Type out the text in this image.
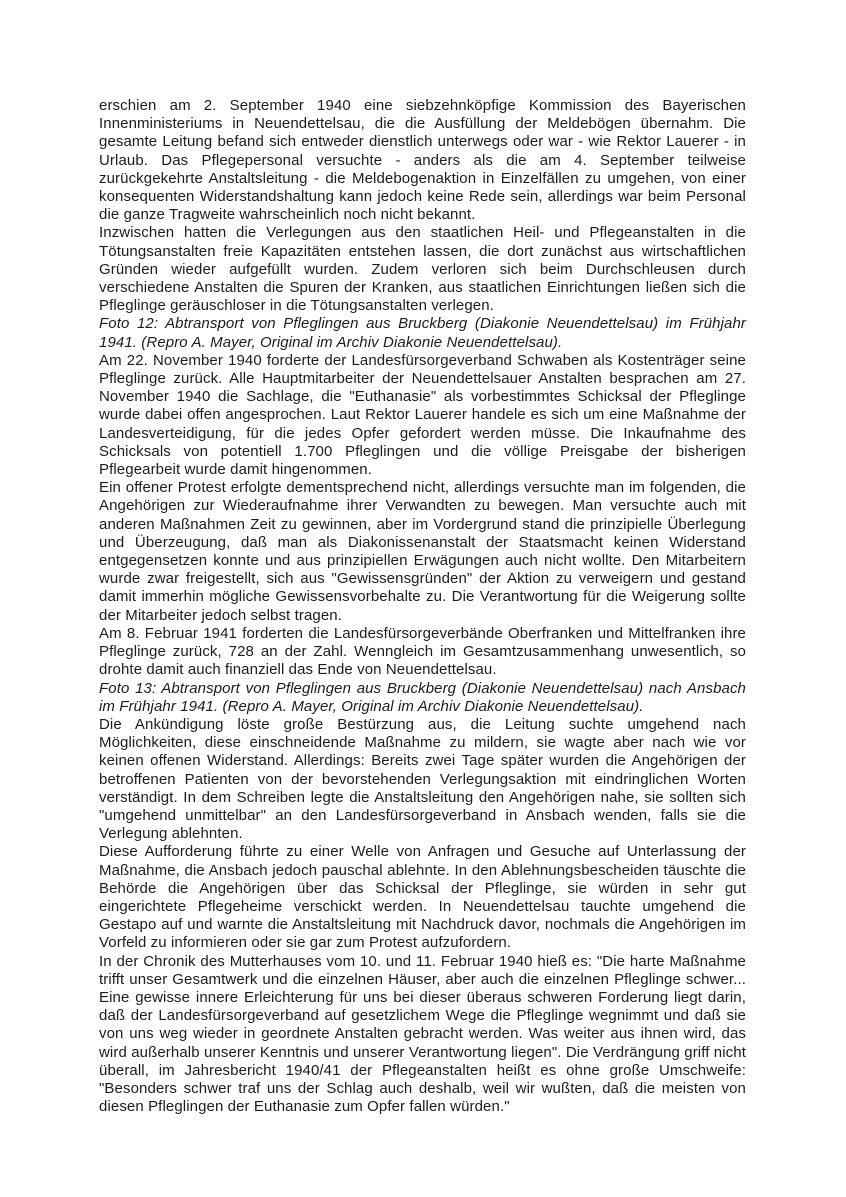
erschien am 2. September 1940 eine siebzehnköpfige Kommission des Bayerischen Innenministeriums in Neuendettelsau, die die Ausfüllung der Meldebögen übernahm. Die gesamte Leitung befand sich entweder dienstlich unterwegs oder war - wie Rektor Lauerer - in Urlaub. Das Pflegepersonal versuchte - anders als die am 4. September teilweise zurückgekehrte Anstaltsleitung - die Meldebogenaktion in Einzelfällen zu umgehen, von einer konsequenten Widerstandshaltung kann jedoch keine Rede sein, allerdings war beim Personal die ganze Tragweite wahrscheinlich noch nicht bekannt.

Inzwischen hatten die Verlegungen aus den staatlichen Heil- und Pflegeanstalten in die Tötungsanstalten freie Kapazitäten entstehen lassen, die dort zunächst aus wirtschaftlichen Gründen wieder aufgefüllt wurden. Zudem verloren sich beim Durchschleusen durch verschiedene Anstalten die Spuren der Kranken, aus staatlichen Einrichtungen ließen sich die Pfleglinge geräuschloser in die Tötungsanstalten verlegen.

Foto 12: Abtransport von Pfleglingen aus Bruckberg (Diakonie Neuendettelsau) im Frühjahr 1941. (Repro A. Mayer, Original im Archiv Diakonie Neuendettelsau).

Am 22. November 1940 forderte der Landesfürsorgeverband Schwaben als Kostenträger seine Pfleglinge zurück. Alle Hauptmitarbeiter der Neuendettelsauer Anstalten besprachen am 27. November 1940 die Sachlage, die "Euthanasie" als vorbestimmtes Schicksal der Pfleglinge wurde dabei offen angesprochen. Laut Rektor Lauerer handele es sich um eine Maßnahme der Landesverteidigung, für die jedes Opfer gefordert werden müsse. Die Inkaufnahme des Schicksals von potentiell 1.700 Pfleglingen und die völlige Preisgabe der bisherigen Pflegearbeit wurde damit hingenommen.

Ein offener Protest erfolgte dementsprechend nicht, allerdings versuchte man im folgenden, die Angehörigen zur Wiederaufnahme ihrer Verwandten zu bewegen. Man versuchte auch mit anderen Maßnahmen Zeit zu gewinnen, aber im Vordergrund stand die prinzipielle Überlegung und Überzeugung, daß man als Diakonissenanstalt der Staatsmacht keinen Widerstand entgegensetzen konnte und aus prinzipiellen Erwägungen auch nicht wollte. Den Mitarbeitern wurde zwar freigestellt, sich aus "Gewissensgründen" der Aktion zu verweigern und gestand damit immerhin mögliche Gewissensvorbehalte zu. Die Verantwortung für die Weigerung sollte der Mitarbeiter jedoch selbst tragen.

Am 8. Februar 1941 forderten die Landesfürsorgeverbände Oberfranken und Mittelfranken ihre Pfleglinge zurück, 728 an der Zahl. Wenngleich im Gesamtzusammenhang unwesentlich, so drohte damit auch finanziell das Ende von Neuendettelsau.

Foto 13: Abtransport von Pfleglingen aus Bruckberg (Diakonie Neuendettelsau) nach Ansbach im Frühjahr 1941. (Repro A. Mayer, Original im Archiv Diakonie Neuendettelsau).

Die Ankündigung löste große Bestürzung aus, die Leitung suchte umgehend nach Möglichkeiten, diese einschneidende Maßnahme zu mildern, sie wagte aber nach wie vor keinen offenen Widerstand. Allerdings: Bereits zwei Tage später wurden die Angehörigen der betroffenen Patienten von der bevorstehenden Verlegungsaktion mit eindringlichen Worten verständigt. In dem Schreiben legte die Anstaltsleitung den Angehörigen nahe, sie sollten sich "umgehend unmittelbar" an den Landesfürsorgeverband in Ansbach wenden, falls sie die Verlegung ablehnten.

Diese Aufforderung führte zu einer Welle von Anfragen und Gesuche auf Unterlassung der Maßnahme, die Ansbach jedoch pauschal ablehnte. In den Ablehnungsbescheiden täuschte die Behörde die Angehörigen über das Schicksal der Pfleglinge, sie würden in sehr gut eingerichtete Pflegeheime verschickt werden. In Neuendettelsau tauchte umgehend die Gestapo auf und warnte die Anstaltsleitung mit Nachdruck davor, nochmals die Angehörigen im Vorfeld zu informieren oder sie gar zum Protest aufzufordern.

In der Chronik des Mutterhauses vom 10. und 11. Februar 1940 hieß es: "Die harte Maßnahme trifft unser Gesamtwerk und die einzelnen Häuser, aber auch die einzelnen Pfleglinge schwer... Eine gewisse innere Erleichterung für uns bei dieser überaus schweren Forderung liegt darin, daß der Landesfürsorgeverband auf gesetzlichem Wege die Pfleglinge wegnimmt und daß sie von uns weg wieder in geordnete Anstalten gebracht werden. Was weiter aus ihnen wird, das wird außerhalb unserer Kenntnis und unserer Verantwortung liegen". Die Verdrängung griff nicht überall, im Jahresbericht 1940/41 der Pflegeanstalten heißt es ohne große Umschweife: "Besonders schwer traf uns der Schlag auch deshalb, weil wir wußten, daß die meisten von diesen Pfleglingen der Euthanasie zum Opfer fallen würden."
